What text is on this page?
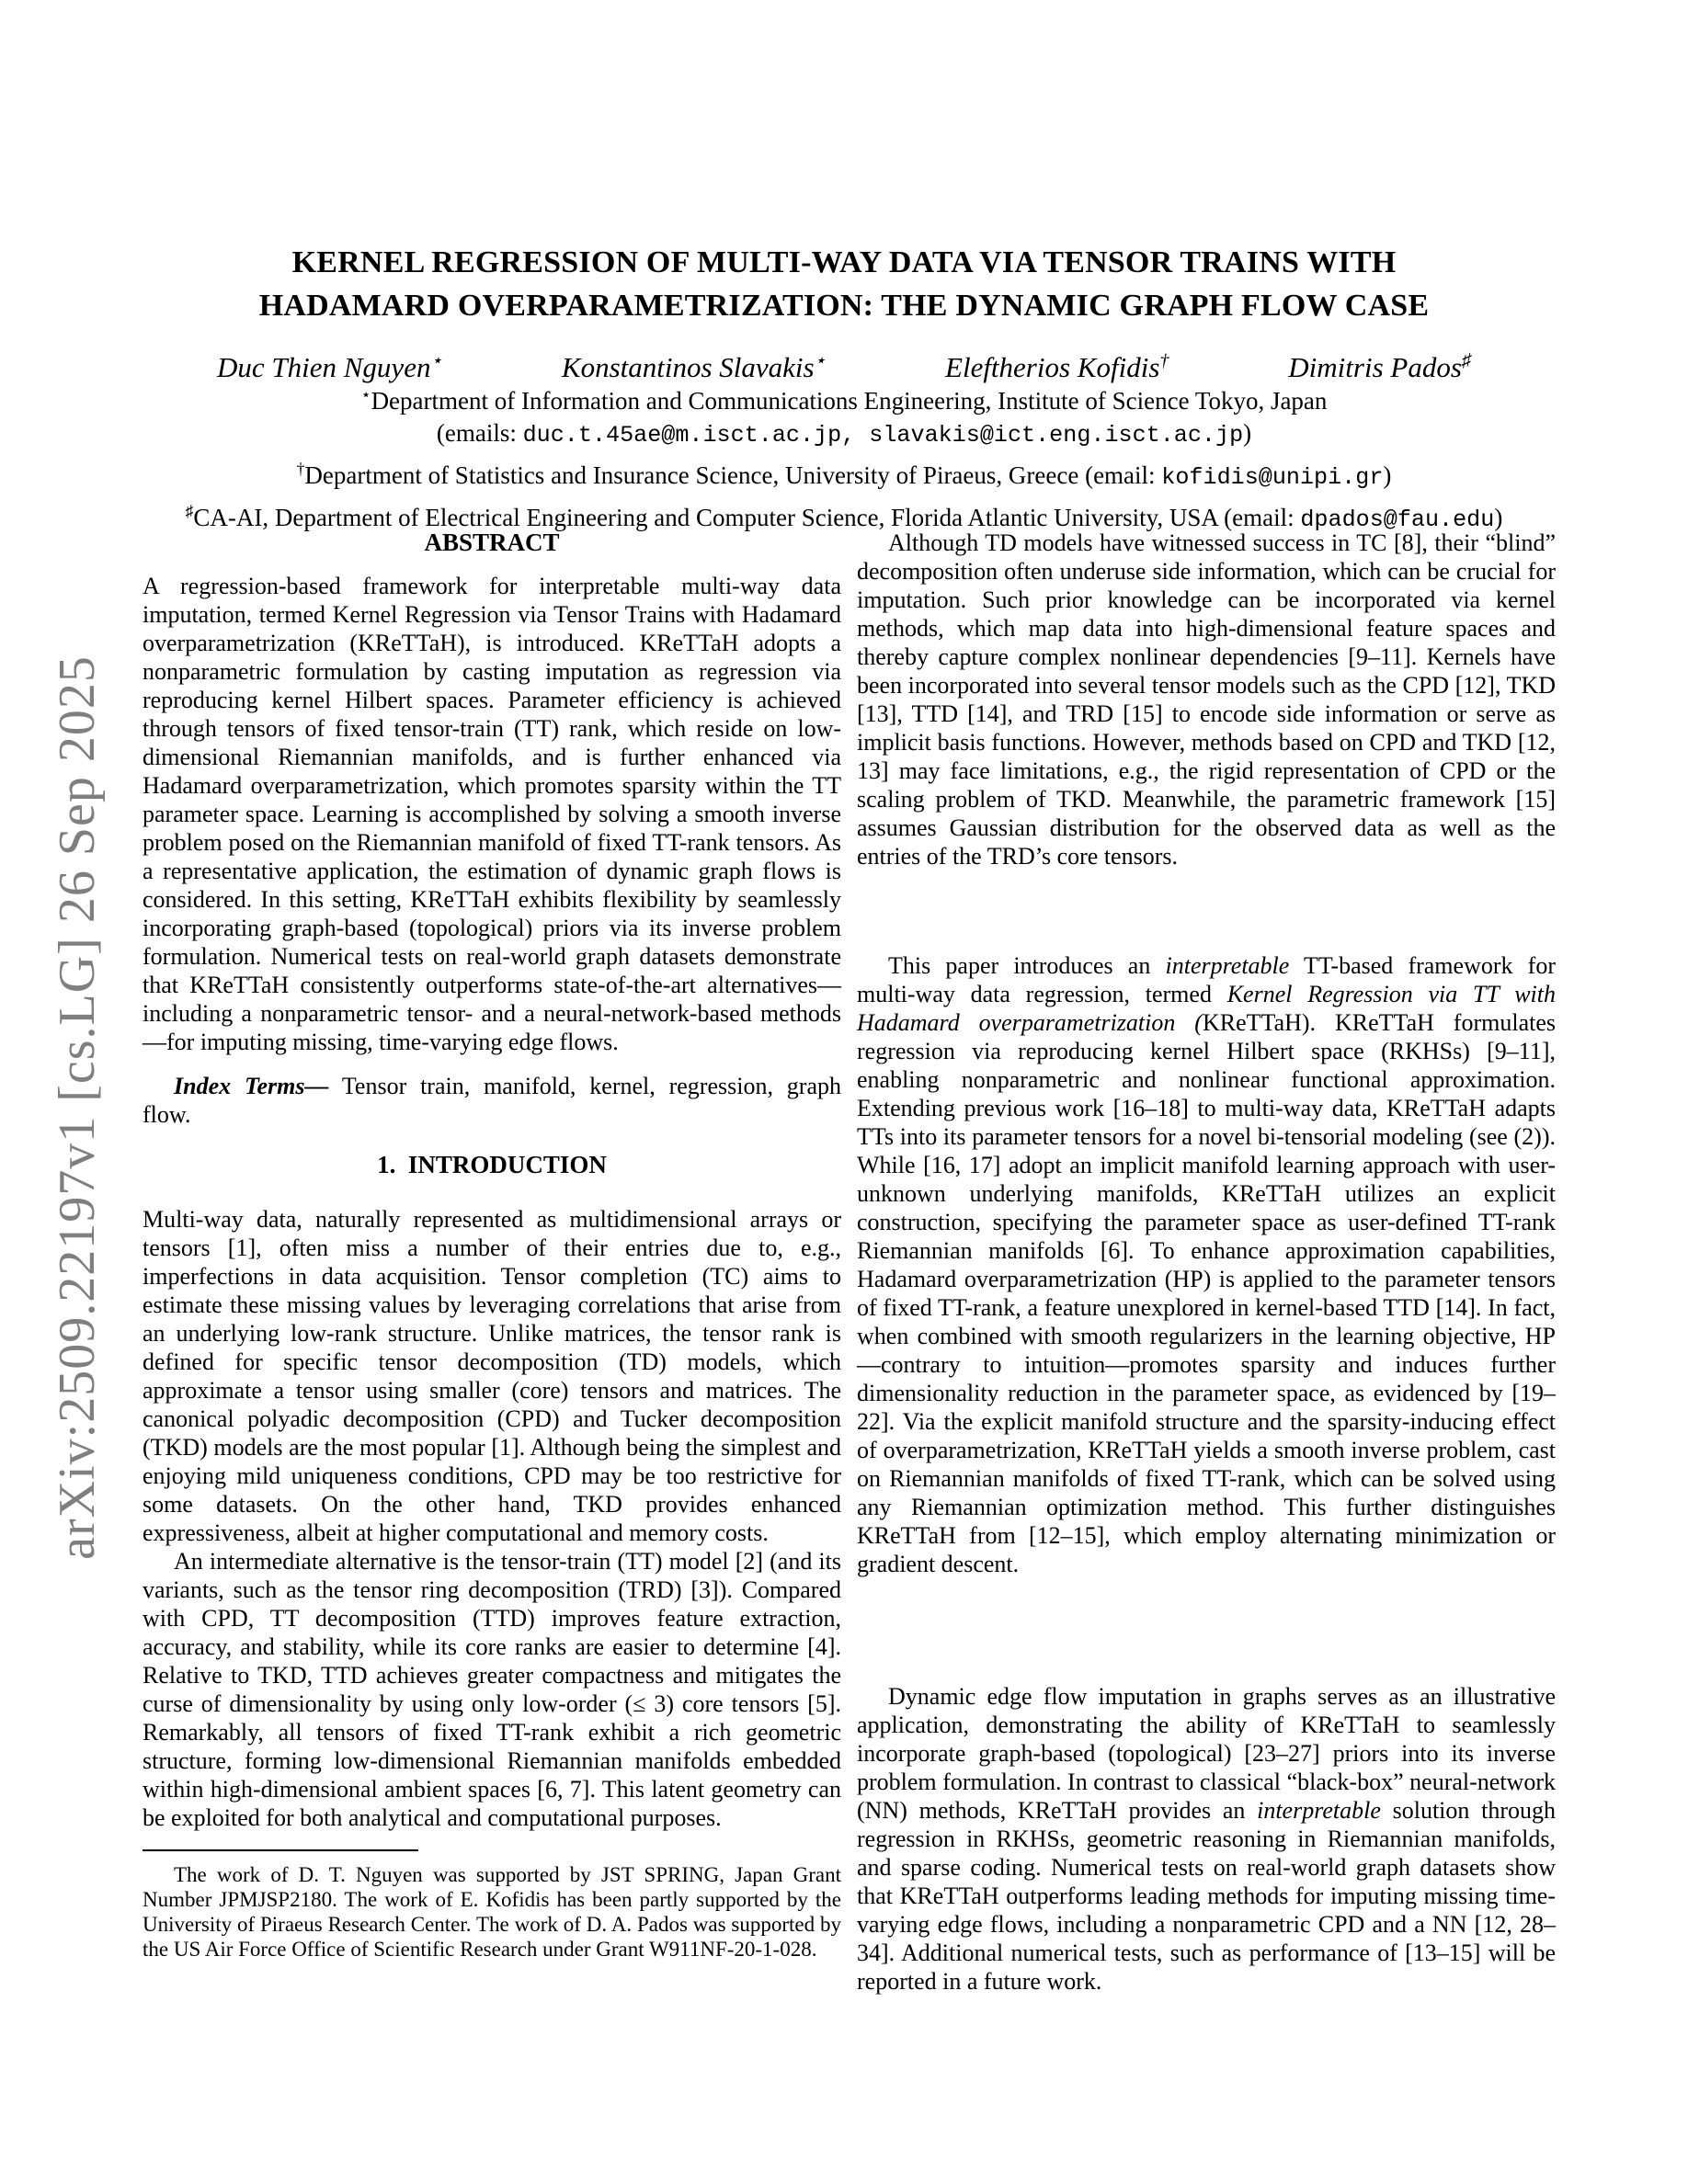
arXiv:2509.22197v1 [cs.LG] 26 Sep 2025
KERNEL REGRESSION OF MULTI-WAY DATA VIA TENSOR TRAINS WITH
HADAMARD OVERPARAMETRIZATION: THE DYNAMIC GRAPH FLOW CASE
Duc Thien Nguyen⋆	Konstantinos Slavakis⋆	Eleftherios Kofidis†	Dimitris Pados♯
⋆Department of Information and Communications Engineering, Institute of Science Tokyo, Japan
(emails: duc.t.45ae@m.isct.ac.jp, slavakis@ict.eng.isct.ac.jp)
†Department of Statistics and Insurance Science, University of Piraeus, Greece (email: kofidis@unipi.gr)
♯CA-AI, Department of Electrical Engineering and Computer Science, Florida Atlantic University, USA (email: dpados@fau.edu)
ABSTRACT
A regression-based framework for interpretable multi-way data imputation, termed Kernel Regression via Tensor Trains with Hadamard overparametrization (KReTTaH), is introduced. KReTTaH adopts a nonparametric formulation by casting imputation as regression via reproducing kernel Hilbert spaces. Parameter efficiency is achieved through tensors of fixed tensor-train (TT) rank, which reside on low-dimensional Riemannian manifolds, and is further enhanced via Hadamard overparametrization, which promotes sparsity within the TT parameter space. Learning is accomplished by solving a smooth inverse problem posed on the Riemannian manifold of fixed TT-rank tensors. As a representative application, the estimation of dynamic graph flows is considered. In this setting, KReTTaH exhibits flexibility by seamlessly incorporating graph-based (topological) priors via its inverse problem formulation. Numerical tests on real-world graph datasets demonstrate that KReTTaH consistently outperforms state-of-the-art alternatives—including a nonparametric tensor- and a neural-network-based methods—for imputing missing, time-varying edge flows.
Index Terms— Tensor train, manifold, kernel, regression, graph flow.
1.  INTRODUCTION
Multi-way data, naturally represented as multidimensional arrays or tensors [1], often miss a number of their entries due to, e.g., imperfections in data acquisition. Tensor completion (TC) aims to estimate these missing values by leveraging correlations that arise from an underlying low-rank structure. Unlike matrices, the tensor rank is defined for specific tensor decomposition (TD) models, which approximate a tensor using smaller (core) tensors and matrices. The canonical polyadic decomposition (CPD) and Tucker decomposition (TKD) models are the most popular [1]. Although being the simplest and enjoying mild uniqueness conditions, CPD may be too restrictive for some datasets. On the other hand, TKD provides enhanced expressiveness, albeit at higher computational and memory costs.
An intermediate alternative is the tensor-train (TT) model [2] (and its variants, such as the tensor ring decomposition (TRD) [3]). Compared with CPD, TT decomposition (TTD) improves feature extraction, accuracy, and stability, while its core ranks are easier to determine [4]. Relative to TKD, TTD achieves greater compactness and mitigates the curse of dimensionality by using only low-order (≤ 3) core tensors [5]. Remarkably, all tensors of fixed TT-rank exhibit a rich geometric structure, forming low-dimensional Riemannian manifolds embedded within high-dimensional ambient spaces [6, 7]. This latent geometry can be exploited for both analytical and computational purposes.
The work of D. T. Nguyen was supported by JST SPRING, Japan Grant Number JPMJSP2180. The work of E. Kofidis has been partly supported by the University of Piraeus Research Center. The work of D. A. Pados was supported by the US Air Force Office of Scientific Research under Grant W911NF-20-1-028.
Although TD models have witnessed success in TC [8], their “blind” decomposition often underuse side information, which can be crucial for imputation. Such prior knowledge can be incorporated via kernel methods, which map data into high-dimensional feature spaces and thereby capture complex nonlinear dependencies [9–11]. Kernels have been incorporated into several tensor models such as the CPD [12], TKD [13], TTD [14], and TRD [15] to encode side information or serve as implicit basis functions. However, methods based on CPD and TKD [12, 13] may face limitations, e.g., the rigid representation of CPD or the scaling problem of TKD. Meanwhile, the parametric framework [15] assumes Gaussian distribution for the observed data as well as the entries of the TRD’s core tensors.
This paper introduces an interpretable TT-based framework for multi-way data regression, termed Kernel Regression via TT with Hadamard overparametrization (KReTTaH). KReTTaH formulates regression via reproducing kernel Hilbert space (RKHSs) [9–11], enabling nonparametric and nonlinear functional approximation. Extending previous work [16–18] to multi-way data, KReTTaH adapts TTs into its parameter tensors for a novel bi-tensorial modeling (see (2)). While [16, 17] adopt an implicit manifold learning approach with user-unknown underlying manifolds, KReTTaH utilizes an explicit construction, specifying the parameter space as user-defined TT-rank Riemannian manifolds [6]. To enhance approximation capabilities, Hadamard overparametrization (HP) is applied to the parameter tensors of fixed TT-rank, a feature unexplored in kernel-based TTD [14]. In fact, when combined with smooth regularizers in the learning objective, HP—contrary to intuition—promotes sparsity and induces further dimensionality reduction in the parameter space, as evidenced by [19–22]. Via the explicit manifold structure and the sparsity-inducing effect of overparametrization, KReTTaH yields a smooth inverse problem, cast on Riemannian manifolds of fixed TT-rank, which can be solved using any Riemannian optimization method. This further distinguishes KReTTaH from [12–15], which employ alternating minimization or gradient descent.
Dynamic edge flow imputation in graphs serves as an illustrative application, demonstrating the ability of KReTTaH to seamlessly incorporate graph-based (topological) [23–27] priors into its inverse problem formulation. In contrast to classical “black-box” neural-network (NN) methods, KReTTaH provides an interpretable solution through regression in RKHSs, geometric reasoning in Riemannian manifolds, and sparse coding. Numerical tests on real-world graph datasets show that KReTTaH outperforms leading methods for imputing missing time-varying edge flows, including a nonparametric CPD and a NN [12, 28–34]. Additional numerical tests, such as performance of [13–15] will be reported in a future work.
